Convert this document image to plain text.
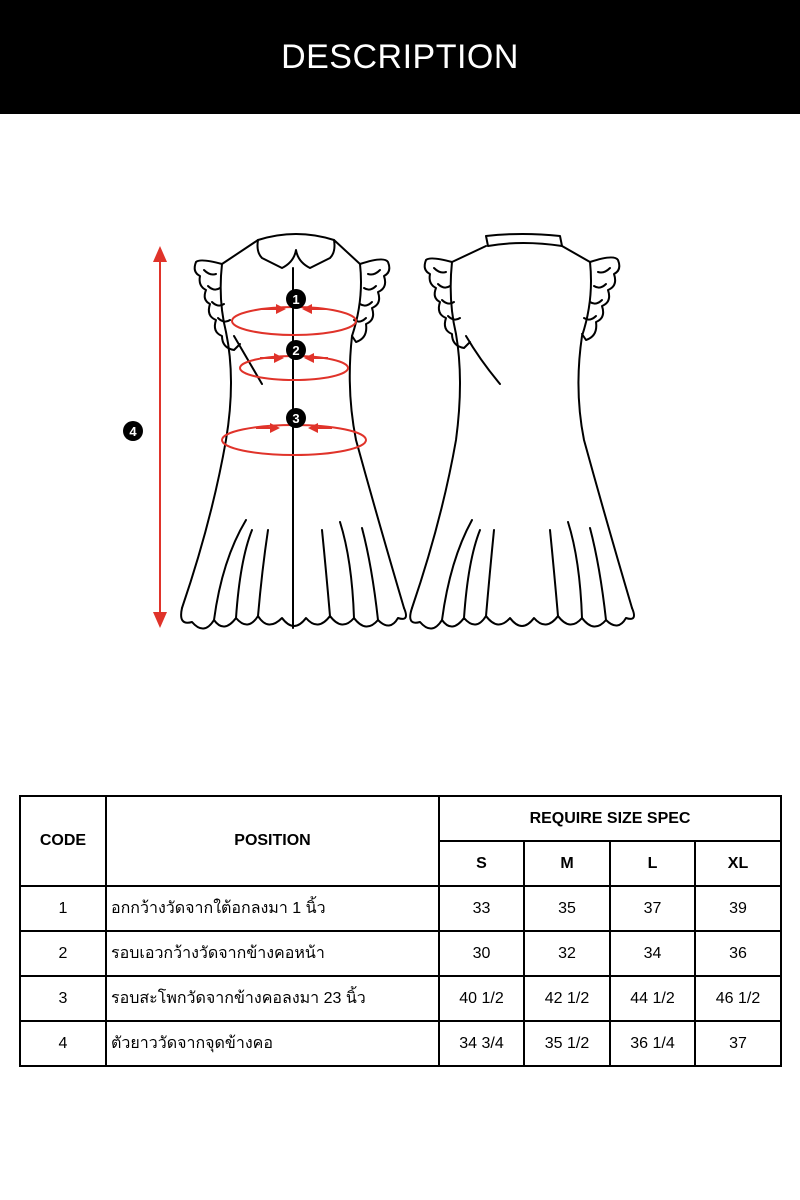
DESCRIPTION
1
2
3
4
CODE	POSITION	REQUIRE SIZE SPEC			
		S	M	L	XL
1	อกกว้างวัดจากใต้อกลงมา 1 นิ้ว	33	35	37	39
2	รอบเอวกว้างวัดจากข้างคอหน้า	30	32	34	36
3	รอบสะโพกวัดจากข้างคอลงมา 23 นิ้ว	40 1/2	42 1/2	44 1/2	46 1/2
4	ตัวยาววัดจากจุดข้างคอ	34 3/4	35 1/2	36 1/4	37
